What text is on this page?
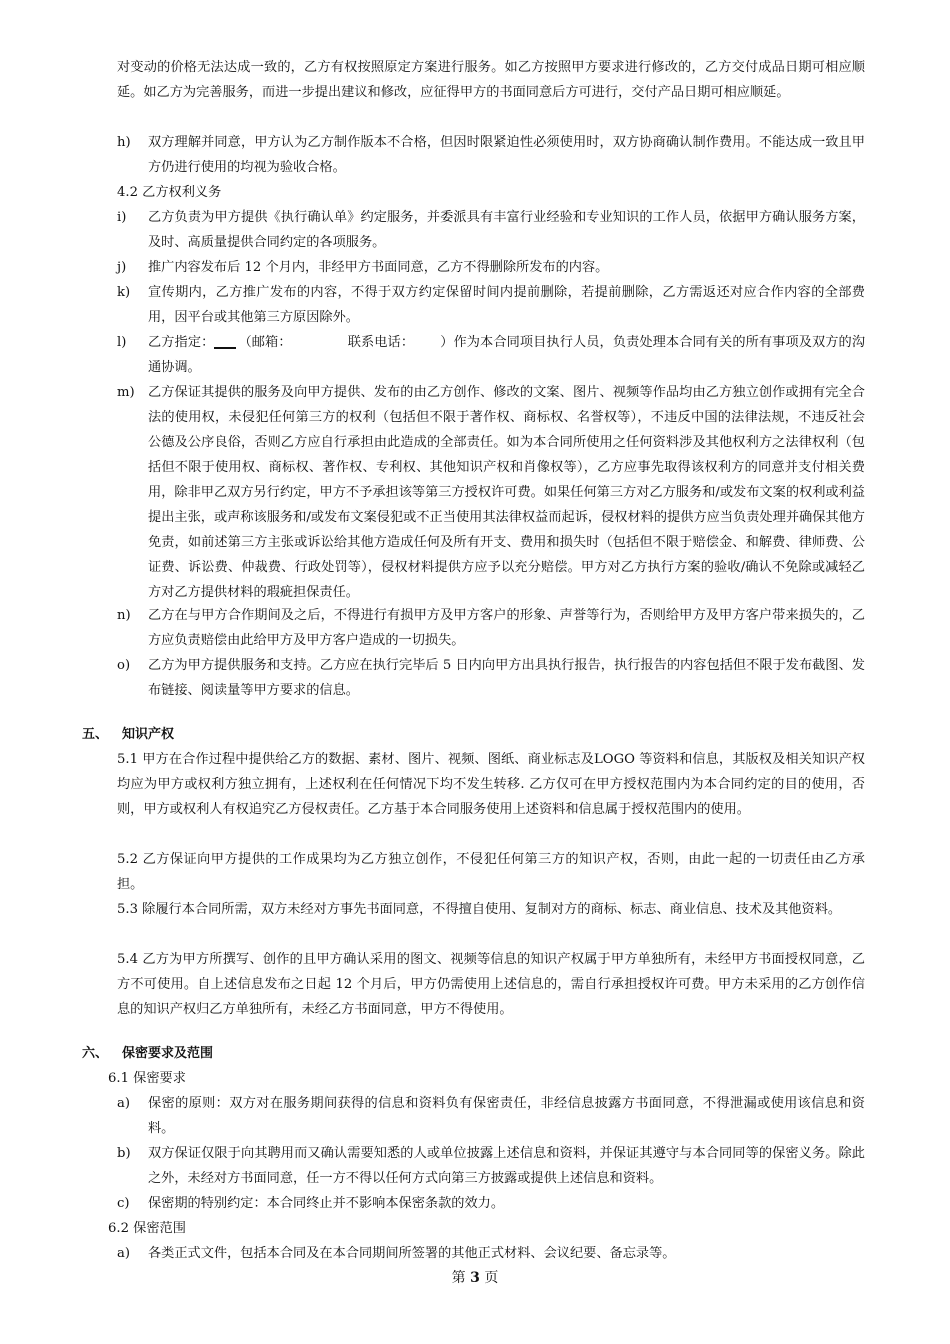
对变动的价格无法达成一致的，乙方有权按照原定方案进行服务。如乙方按照甲方要求进行修改的，乙方交付成品日期可相应顺延。如乙方为完善服务，而进一步提出建议和修改，应征得甲方的书面同意后方可进行，交付产品日期可相应顺延。
h) 双方理解并同意，甲方认为乙方制作版本不合格，但因时限紧迫性必须使用时，双方协商确认制作费用。不能达成一致且甲方仍进行使用的均视为验收合格。
4.2 乙方权利义务
i) 乙方负责为甲方提供《执行确认单》约定服务，并委派具有丰富行业经验和专业知识的工作人员，依据甲方确认服务方案，及时、高质量提供合同约定的各项服务。
j) 推广内容发布后 12 个月内，非经甲方书面同意，乙方不得删除所发布的内容。
k) 宣传期内，乙方推广发布的内容，不得于双方约定保留时间内提前删除，若提前删除，乙方需返还对应合作内容的全部费用，因平台或其他第三方原因除外。
l) 乙方指定： （邮箱：	联系电话： ）作为本合同项目执行人员，负责处理本合同有关的所有事项及双方的沟通协调。
m) 乙方保证其提供的服务及向甲方提供、发布的由乙方创作、修改的文案、图片、视频等作品均由乙方独立创作或拥有完全合法的使用权，未侵犯任何第三方的权利（包括但不限于著作权、商标权、名誉权等），不违反中国的法律法规，不违反社会公德及公序良俗，否则乙方应自行承担由此造成的全部责任。如为本合同所使用之任何资料涉及其他权利方之法律权利（包括但不限于使用权、商标权、著作权、专利权、其他知识产权和肖像权等），乙方应事先取得该权利方的同意并支付相关费用，除非甲乙双方另行约定，甲方不予承担该等第三方授权许可费。如果任何第三方对乙方服务和/或发布文案的权利或利益提出主张，或声称该服务和/或发布文案侵犯或不正当使用其法律权益而起诉，侵权材料的提供方应当负责处理并确保其他方免责，如前述第三方主张或诉讼给其他方造成任何及所有开支、费用和损失时（包括但不限于赔偿金、和解费、律师费、公证费、诉讼费、仲裁费、行政处罚等），侵权材料提供方应予以充分赔偿。甲方对乙方执行方案的验收/确认不免除或减轻乙方对乙方提供材料的瑕疵担保责任。
n) 乙方在与甲方合作期间及之后，不得进行有损甲方及甲方客户的形象、声誉等行为，否则给甲方及甲方客户带来损失的，乙方应负责赔偿由此给甲方及甲方客户造成的一切损失。
o) 乙方为甲方提供服务和支持。乙方应在执行完毕后 5 日内向甲方出具执行报告，执行报告的内容包括但不限于发布截图、发布链接、阅读量等甲方要求的信息。
五、 知识产权
5.1 甲方在合作过程中提供给乙方的数据、素材、图片、视频、图纸、商业标志及LOGO 等资料和信息，其版权及相关知识产权均应为甲方或权利方独立拥有，上述权利在任何情况下均不发生转移. 乙方仅可在甲方授权范围内为本合同约定的目的使用，否则，甲方或权利人有权追究乙方侵权责任。乙方基于本合同服务使用上述资料和信息属于授权范围内的使用。
5.2 乙方保证向甲方提供的工作成果均为乙方独立创作，不侵犯任何第三方的知识产权，否则，由此一起的一切责任由乙方承担。
5.3 除履行本合同所需，双方未经对方事先书面同意，不得擅自使用、复制对方的商标、标志、商业信息、技术及其他资料。
5.4 乙方为甲方所撰写、创作的且甲方确认采用的图文、视频等信息的知识产权属于甲方单独所有，未经甲方书面授权同意，乙方不可使用。自上述信息发布之日起 12 个月后，甲方仍需使用上述信息的，需自行承担授权许可费。甲方未采用的乙方创作信息的知识产权归乙方单独所有，未经乙方书面同意，甲方不得使用。
六、 保密要求及范围
6.1 保密要求
a) 保密的原则：双方对在服务期间获得的信息和资料负有保密责任，非经信息披露方书面同意，不得泄漏或使用该信息和资料。
b) 双方保证仅限于向其聘用而又确认需要知悉的人或单位披露上述信息和资料，并保证其遵守与本合同同等的保密义务。除此之外，未经对方书面同意，任一方不得以任何方式向第三方披露或提供上述信息和资料。
c) 保密期的特别约定：本合同终止并不影响本保密条款的效力。
6.2 保密范围
a) 各类正式文件，包括本合同及在本合同期间所签署的其他正式材料、会议纪要、备忘录等。
第 3 页
